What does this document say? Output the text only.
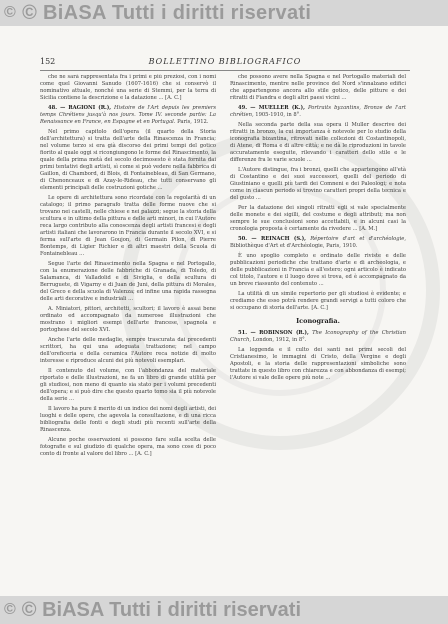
© © BiASA Tutti i diritti riservati
152	BOLLETTINO BIBLIOGRAFICO

che ne sarà rappresentata fra i primi e più preziosi, con i nomi come quel Giovanni Sanudo (1607-1616) che si conservò il nominativo attuale, nonché una serie di Stemmi, per la terra di Sicilia contiene la descrizione e la datazione ... [A. C.]

48. — RAGIONI (R.), Histoire de l'Art depuis les premiers temps Chrétiens jusqu'à nos jours. Tome IV. seconde partie: La Renaissance en France, en Espagne et en Portugal. Paris, 1912.

Nel primo capitolo dell'opera (il quarto della Storia dell'architettura) si tratta dell'arte della Rinascenza in Francia; nel volume terzo si era già discorso dei primi tempi del gotico fiorito al quale oggi si ricongiungono le forme del Rinascimento, la quale della prima metà del secolo decimosesto è stata fornita dai primi tentativi degli artisti, sì come si può vedere nella fabbrica di Gaillon, di Chambord, di Blois, di Fontainebleau, di San Germano, di Chenonceaux e di Azay-le-Rideau, che tutti conservano gli elementi principali delle costruzioni gotiche ...

Le opere di architettura sono ricordate con la regolarità di un catalogo; il primo paragrafo tratta delle forme nuove che si trovano nei castelli, nelle chiese e nei palazzi; segue la storia della scultura e in ultimo della pittura e delle arti minori, in cui l'Autore reca largo contributo alla conoscenza degli artisti francesi e degli artisti italiani che lavorarono in Francia durante il secolo XVI, e si ferma sull'arte di Jean Goujon, di Germain Pilon, di Pierre Bontemps, di Ligier Richier e di altri maestri della Scuola di Fontainebleau ...

Segue l'arte del Rinascimento nella Spagna e nel Portogallo, con la enumerazione delle fabbriche di Granada, di Toledo, di Salamanca, di Valladolid e di Siviglia, e della scultura di Berruguete, di Vigarny e di Juan de Juni, della pittura di Morales, del Greco e della scuola di Valenza; ed infine una rapida rassegna delle arti decorative e industriali ...

A. Miniatori, pittori, architetti, scultori; il lavoro è assai bene ordinato ed accompagnato da numerose illustrazioni che mostrano i migliori esempi dell'arte francese, spagnola e portoghese del secolo XVI.

Anche l'arte delle medaglie, sempre trascurata dai precedenti scrittori, ha qui una adeguata trattazione; nel campo dell'oreficeria e della ceramica l'Autore reca notizie di molto interesse e riproduce alcuni dei più notevoli esemplari.

Il contenuto del volume, con l'abbondanza del materiale riportato e delle illustrazioni, ne fa un libro di grande utilità per gli studiosi, non meno di quanto sia stato per i volumi precedenti dell'opera; e si può dire che questo quarto tomo sia il più notevole della serie ...

Il lavoro ha pure il merito di un indice dei nomi degli artisti, dei luoghi e delle opere, che agevola la consultazione, e di una ricca bibliografia delle fonti e degli studi più recenti sull'arte della Rinascenza.

Alcune poche osservazioni si possono fare sulla scelta delle fotografie e sul giudizio di qualche opera, ma sono cose di poco conto di fronte al valore del libro ... [A. C.]

che possono avere nella Spagna e nel Portogallo materiali del Rinascimento, mentre nelle province del Nord s'innalzano edifici che appartengono ancora allo stile gotico, delle pitture e dei ritratti di Fiandra e degli altri paesi vicini ...

49. — MUELLER (K.), Portraits byzantins, Bronze de l'art chrétien, 1905-1910, in 8°.

Nella seconda parte della sua opera il Muller descrive dei ritratti in bronzo, la cui importanza è notevole per lo studio della iconografia bizantina, ritrovati nelle collezioni di Costantinopoli, di Atene, di Roma e di altre città; e ne dà le riproduzioni in tavole accuratamente eseguite, rilevando i caratteri dello stile e le differenze fra le varie scuole ...

L'Autore distingue, fra i bronzi, quelli che appartengono all'età di Costantino e dei suoi successori, quelli del periodo di Giustiniano e quelli più tardi dei Comneni e dei Paleologi; e nota come in ciascun periodo si trovino caratteri propri della tecnica e del gusto ...

Per la datazione dei singoli ritratti egli si vale specialmente delle monete e dei sigilli, del costume e degli attributi; ma non sempre le sue conclusioni sono accettabili, e in alcuni casi la cronologia proposta è certamente da rivedere ... [A. M.]

50. — REINACH (S.), Répertoire d'art et d'archéologie, Bibliothèque d'Art et d'Archéologie, Paris, 1910.

È uno spoglio completo e ordinato delle riviste e delle pubblicazioni periodiche che trattano d'arte e di archeologia, e delle pubblicazioni in Francia e all'estero; ogni articolo è indicato col titolo, l'autore e il luogo dove si trova, ed è accompagnato da un breve riassunto del contenuto ...

La utilità di un simile repertorio per gli studiosi è evidente; e crediamo che esso potrà rendere grandi servigi a tutti coloro che si occupano di storia dell'arte. [A. C.]

Iconografia.

51. — ROBINSON (R.), The Iconography of the Christian Church, London, 1912, in 8°.

La leggenda e il culto dei santi nei primi secoli del Cristianesimo, le immagini di Cristo, della Vergine e degli Apostoli, e la storia delle rappresentazioni simboliche sono trattate in questo libro con chiarezza e con abbondanza di esempi; l'Autore si vale delle opere più note ...

© © BiASA Tutti i diritti riservati
